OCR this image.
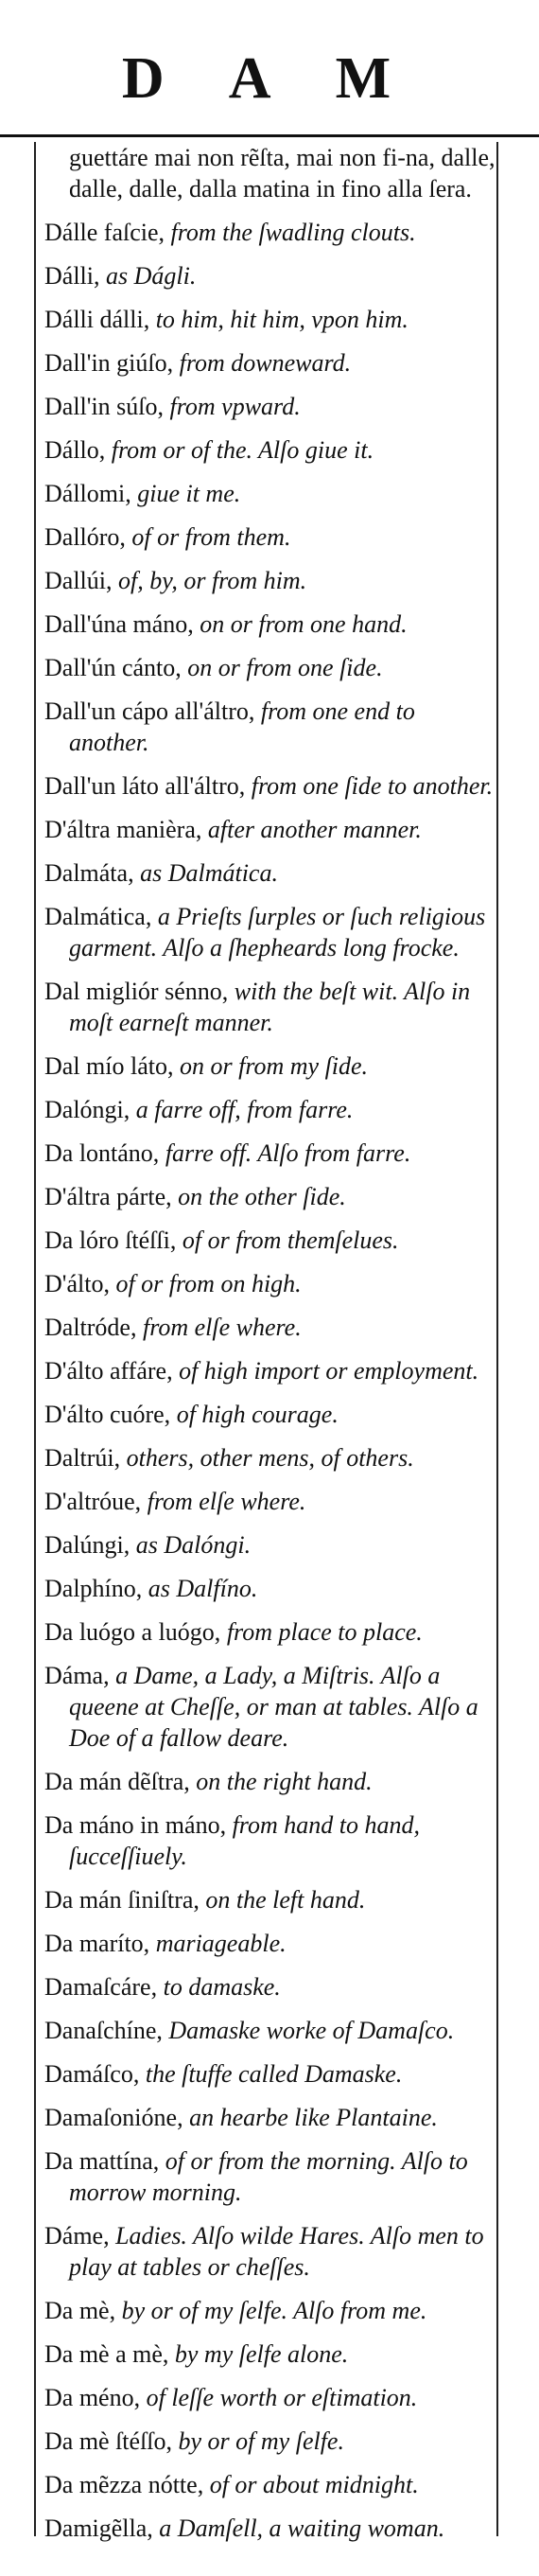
D A M
guettáre mai non rẽſta, mai non fi-na, dalle, dalle, dalle, dalla matina in fino alla ſera.
Dálle faſcie, from the ſwadling clouts.
Dálli, as Dágli.
Dálli dálli, to him, hit him, vpon him.
Dall'in giúſo, from downeward.
Dall'in súſo, from vpward.
Dállo, from or of the. Alſo giue it.
Dállomi, giue it me.
Dallóro, of or from them.
Dallúi, of, by, or from him.
Dall'úna máno, on or from one hand.
Dall'ún cánto, on or from one ſide.
Dall'un cápo all'áltro, from one end to another.
Dall'un láto all'áltro, from one ſide to another.
D'áltra manièra, after another manner.
Dalmáta, as Dalmática.
Dalmática, a Prieſts ſurples or ſuch religious garment. Alſo a ſhepheards long frocke.
Dal migliór sénno, with the beſt wit. Alſo in moſt earneſt manner.
Dal mío láto, on or from my ſide.
Dalóngi, a farre off, from farre.
Da lontáno, farre off. Alſo from farre.
D'áltra párte, on the other ſide.
Da lóro ſtéſſi, of or from themſelues.
D'álto, of or from on high.
Daltróde, from elſe where.
D'álto affáre, of high import or employment.
D'álto cuóre, of high courage.
Daltrúi, others, other mens, of others.
D'altróue, from elſe where.
Dalúngi, as Dalóngi.
Dalphíno, as Dalfíno.
Da luógo a luógo, from place to place.
Dáma, a Dame, a Lady, a Miſtris. Alſo a queene at Cheſſe, or man at tables. Alſo a Doe of a fallow deare.
Da mán dẽſtra, on the right hand.
Da máno in máno, from hand to hand, ſucceſſiuely.
Da mán ſiniſtra, on the left hand.
Da maríto, mariageable.
Damaſcáre, to damaske.
Danaſchíne, Damaske worke of Damaſco.
Damáſco, the ſtuffe called Damaske.
Damaſonióne, an hearbe like Plantaine.
Da mattína, of or from the morning. Alſo to morrow morning.
Dáme, Ladies. Alſo wilde Hares. Alſo men to play at tables or cheſſes.
Da mè, by or of my ſelfe. Alſo from me.
Da mè a mè, by my ſelfe alone.
Da méno, of leſſe worth or eſtimation.
Da mè ſtéſſo, by or of my ſelfe.
Da mẽzza nótte, of or about midnight.
Damigẽlla, a Damſell, a waiting woman.
